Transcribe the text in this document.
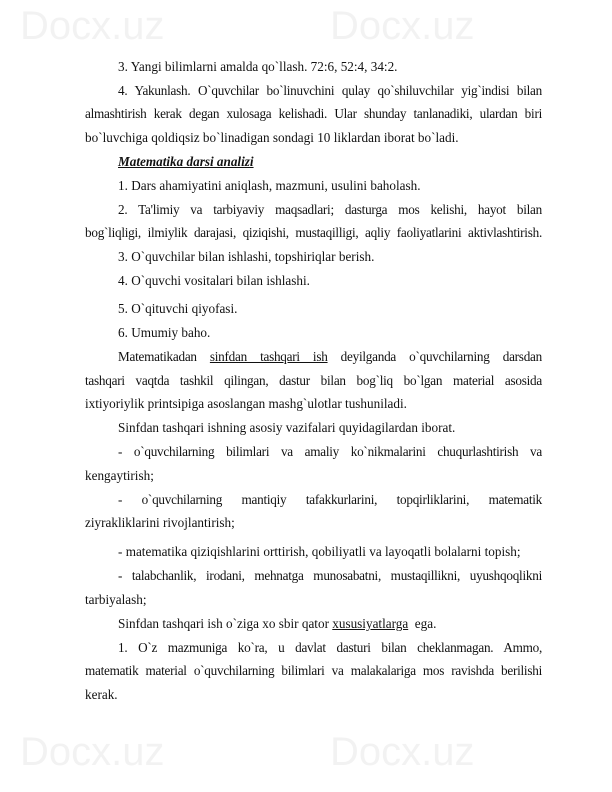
Docx.uz	Docx.uz
Docx.uz	Docx.uz
3. Yangi bilimlarni amalda qo`llash. 72:6, 52:4, 34:2.
4. Yakunlash. O`quvchilar bo`linuvchini qulay qo`shiluvchilar yig`indisi bilan
almashtirish kerak degan xulosaga kelishadi. Ular shunday tanlanadiki, ulardan biri
bo`luvchiga qoldiqsiz bo`linadigan sondagi 10 liklardan iborat bo`ladi.
Matematika darsi analizi
1. Dars ahamiyatini aniqlash, mazmuni, usulini baholash.
2. Ta'limiy va tarbiyaviy maqsadlari; dasturga mos kelishi, hayot bilan
bog`liqligi, ilmiylik darajasi, qiziqishi, mustaqilligi, aqliy faoliyatlarini aktivlashtirish.
3. O`quvchilar bilan ishlashi, topshiriqlar berish.
4. O`quvchi vositalari bilan ishlashi.
5. O`qituvchi qiyofasi.
6. Umumiy baho.
Matematikadan sinfdan tashqari ish deyilganda o`quvchilarning darsdan
tashqari vaqtda tashkil qilingan, dastur bilan bog`liq bo`lgan material asosida
ixtiyoriylik printsipiga asoslangan mashg`ulotlar tushuniladi.
Sinfdan tashqari ishning asosiy vazifalari quyidagilardan iborat.
- o`quvchilarning bilimlari va amaliy ko`nikmalarini chuqurlashtirish va
kengaytirish;
- o`quvchilarning mantiqiy tafakkurlarini, topqirliklarini, matematik
ziyrakliklarini rivojlantirish;
- matematika qiziqishlarini orttirish, qobiliyatli va layoqatli bolalarni topish;
- talabchanlik, irodani, mehnatga munosabatni, mustaqillikni, uyushqoqlikni
tarbiyalash;
Sinfdan tashqari ish o`ziga xo sbir qator xususiyatlarga ega.
1. O`z mazmuniga ko`ra, u davlat dasturi bilan cheklanmagan. Ammo,
matematik material o`quvchilarning bilimlari va malakalariga mos ravishda berilishi
kerak.
